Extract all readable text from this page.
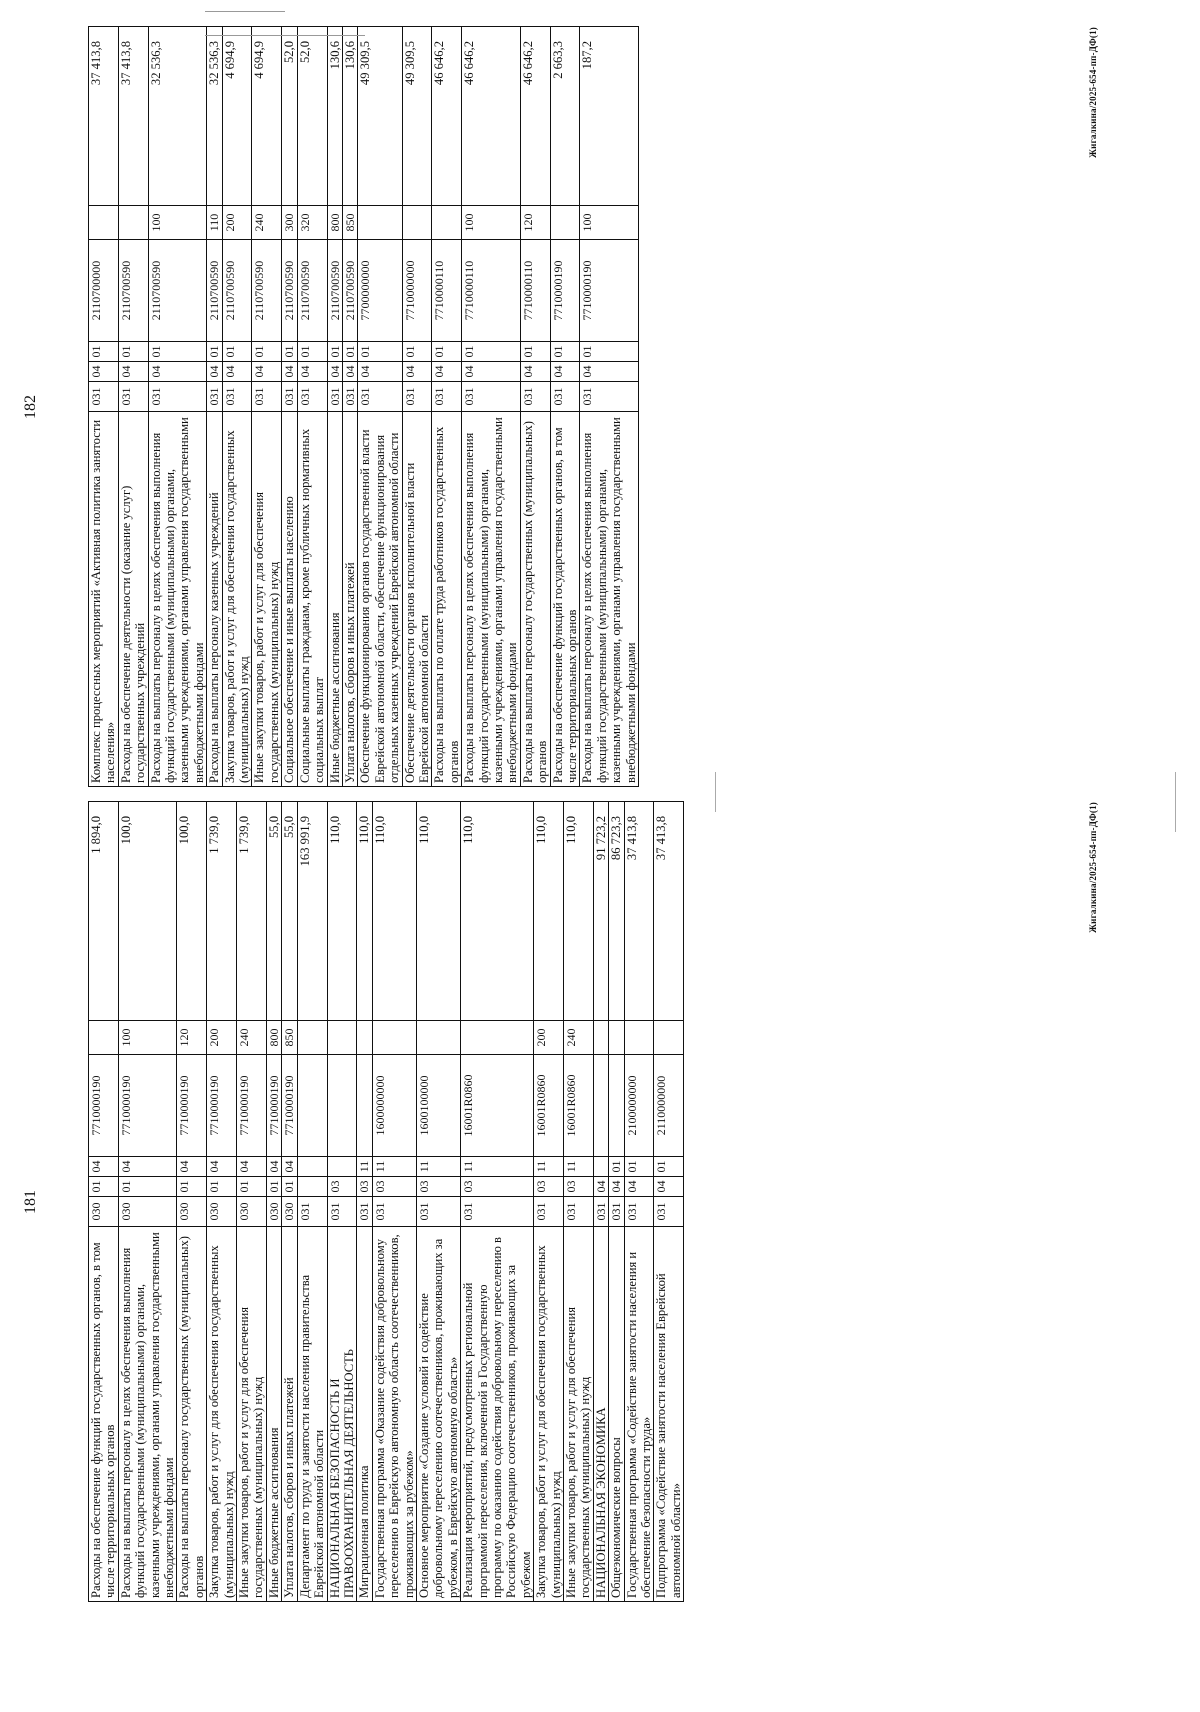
181
Расходы на обеспечение функций государственных органов, в том числе территориальных органов	030	01	04	7710000190		1 894,0
Расходы на выплаты персоналу в целях обеспечения выполнения функций государственными (муниципальными) органами, казенными учреждениями, органами управления государственными внебюджетными фондами	030	01	04	7710000190	100	100,0
Расходы на выплаты персоналу государственных (муниципальных) органов	030	01	04	7710000190	120	100,0
Закупка товаров, работ и услуг для обеспечения государственных (муниципальных) нужд	030	01	04	7710000190	200	1 739,0
Иные закупки товаров, работ и услуг для обеспечения государственных (муниципальных) нужд	030	01	04	7710000190	240	1 739,0
Иные бюджетные ассигнования	030	01	04	7710000190	800	55,0
Уплата налогов, сборов и иных платежей	030	01	04	7710000190	850	55,0
Департамент по труду и занятости населения правительства Еврейской автономной области	031					163 991,9
НАЦИОНАЛЬНАЯ БЕЗОПАСНОСТЬ И ПРАВООХРАНИТЕЛЬНАЯ ДЕЯТЕЛЬНОСТЬ	031	03				110,0
Миграционная политика	031	03	11			110,0
Государственная программа «Оказание содействия добровольному переселению в Еврейскую автономную область соотечественников, проживающих за рубежом»	031	03	11	1600000000		110,0
Основное мероприятие «Создание условий и содействие добровольному переселению соотечественников, проживающих за рубежом, в Еврейскую автономную область»	031	03	11	1600100000		110,0
Реализация мероприятий, предусмотренных региональной программой переселения, включенной в Государственную программу по оказанию содействия добровольному переселению в Российскую Федерацию соотечественников, проживающих за рубежом	031	03	11	16001R0860		110,0
Закупка товаров, работ и услуг для обеспечения государственных (муниципальных) нужд	031	03	11	16001R0860	200	110,0
Иные закупки товаров, работ и услуг для обеспечения государственных (муниципальных) нужд	031	03	11	16001R0860	240	110,0
НАЦИОНАЛЬНАЯ ЭКОНОМИКА	031	04				91 723,2
Общеэкономические вопросы	031	04	01			86 723,3
Государственная программа «Содействие занятости населения и обеспечение безопасности труда»	031	04	01	2100000000		37 413,8
Подпрограмма «Содействие занятости населения Еврейской автономной области»	031	04	01	2110000000		37 413,8	Жигалкина/2025-654-пп-ДФ(1)
182
Комплекс процессных мероприятий «Активная политика занятости населения»	031	04	01	2110700000		37 413,8
Расходы на обеспечение деятельности (оказание услуг) государственных учреждений	031	04	01	2110700590		37 413,8
Расходы на выплаты персоналу в целях обеспечения выполнения функций государственными (муниципальными) органами, казенными учреждениями, органами управления государственными внебюджетными фондами	031	04	01	2110700590	100	32 536,3
Расходы на выплаты персоналу казенных учреждений	031	04	01	2110700590	110	32 536,3
Закупка товаров, работ и услуг для обеспечения государственных (муниципальных) нужд	031	04	01	2110700590	200	4 694,9
Иные закупки товаров, работ и услуг для обеспечения государственных (муниципальных) нужд	031	04	01	2110700590	240	4 694,9
Социальное обеспечение и иные выплаты населению	031	04	01	2110700590	300	52,0
Социальные выплаты гражданам, кроме публичных нормативных социальных выплат	031	04	01	2110700590	320	52,0
Иные бюджетные ассигнования	031	04	01	2110700590	800	130,6
Уплата налогов, сборов и иных платежей	031	04	01	2110700590	850	130,6
Обеспечение функционирования органов государственной власти Еврейской автономной области, обеспечение функционирования отдельных казенных учреждений Еврейской автономной области	031	04	01	7700000000		49 309,5
Обеспечение деятельности органов исполнительной власти Еврейской автономной области	031	04	01	7710000000		49 309,5
Расходы на выплаты по оплате труда работников государственных органов	031	04	01	7710000110		46 646,2
Расходы на выплаты персоналу в целях обеспечения выполнения функций государственными (муниципальными) органами, казенными учреждениями, органами управления государственными внебюджетными фондами	031	04	01	7710000110	100	46 646,2
Расходы на выплаты персоналу государственных (муниципальных) органов	031	04	01	7710000110	120	46 646,2
Расходы на обеспечение функций государственных органов, в том числе территориальных органов	031	04	01	7710000190		2 663,3
Расходы на выплаты персоналу в целях обеспечения выполнения функций государственными (муниципальными) органами, казенными учреждениями, органами управления государственными внебюджетными фондами	031	04	01	7710000190	100	187,2	Жигалкина/2025-654-пп-ДФ(1)
